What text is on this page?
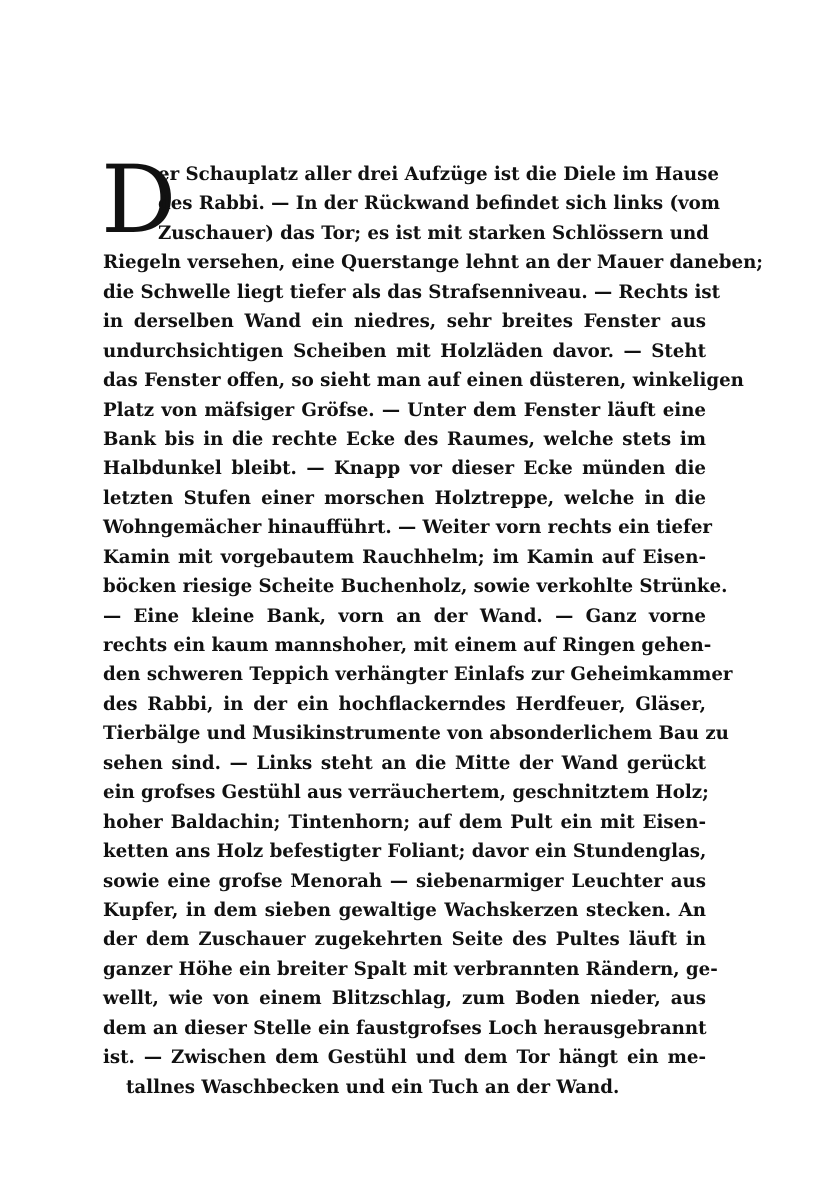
D
er Schauplatz aller drei Aufzüge ist die Diele im Hause
des Rabbi. — In der Rückwand befindet sich links (vom
Zuschauer) das Tor; es ist mit starken Schlössern und
Riegeln versehen, eine Querstange lehnt an der Mauer daneben;
die Schwelle liegt tiefer als das Strafsenniveau. — Rechts ist
in derselben Wand ein niedres, sehr breites Fenster aus
undurchsichtigen Scheiben mit Holzläden davor. — Steht
das Fenster offen, so sieht man auf einen düsteren, winkeligen
Platz von mäfsiger Gröfse. — Unter dem Fenster läuft eine
Bank bis in die rechte Ecke des Raumes, welche stets im
Halbdunkel bleibt. — Knapp vor dieser Ecke münden die
letzten Stufen einer morschen Holztreppe, welche in die
Wohngemächer hinaufführt. — Weiter vorn rechts ein tiefer
Kamin mit vorgebautem Rauchhelm; im Kamin auf Eisen-
böcken riesige Scheite Buchenholz, sowie verkohlte Strünke.
— Eine kleine Bank, vorn an der Wand. — Ganz vorne
rechts ein kaum mannshoher, mit einem auf Ringen gehen-
den schweren Teppich verhängter Einlafs zur Geheimkammer
des Rabbi, in der ein hochflackerndes Herdfeuer, Gläser,
Tierbälge und Musikinstrumente von absonderlichem Bau zu
sehen sind. — Links steht an die Mitte der Wand gerückt
ein grofses Gestühl aus verräuchertem, geschnitztem Holz;
hoher Baldachin; Tintenhorn; auf dem Pult ein mit Eisen-
ketten ans Holz befestigter Foliant; davor ein Stundenglas,
sowie eine grofse Menorah — siebenarmiger Leuchter aus
Kupfer, in dem sieben gewaltige Wachskerzen stecken. An
der dem Zuschauer zugekehrten Seite des Pultes läuft in
ganzer Höhe ein breiter Spalt mit verbrannten Rändern, ge-
wellt, wie von einem Blitzschlag, zum Boden nieder, aus
dem an dieser Stelle ein faustgrofses Loch herausgebrannt
ist. — Zwischen dem Gestühl und dem Tor hängt ein me-
tallnes Waschbecken und ein Tuch an der Wand.
